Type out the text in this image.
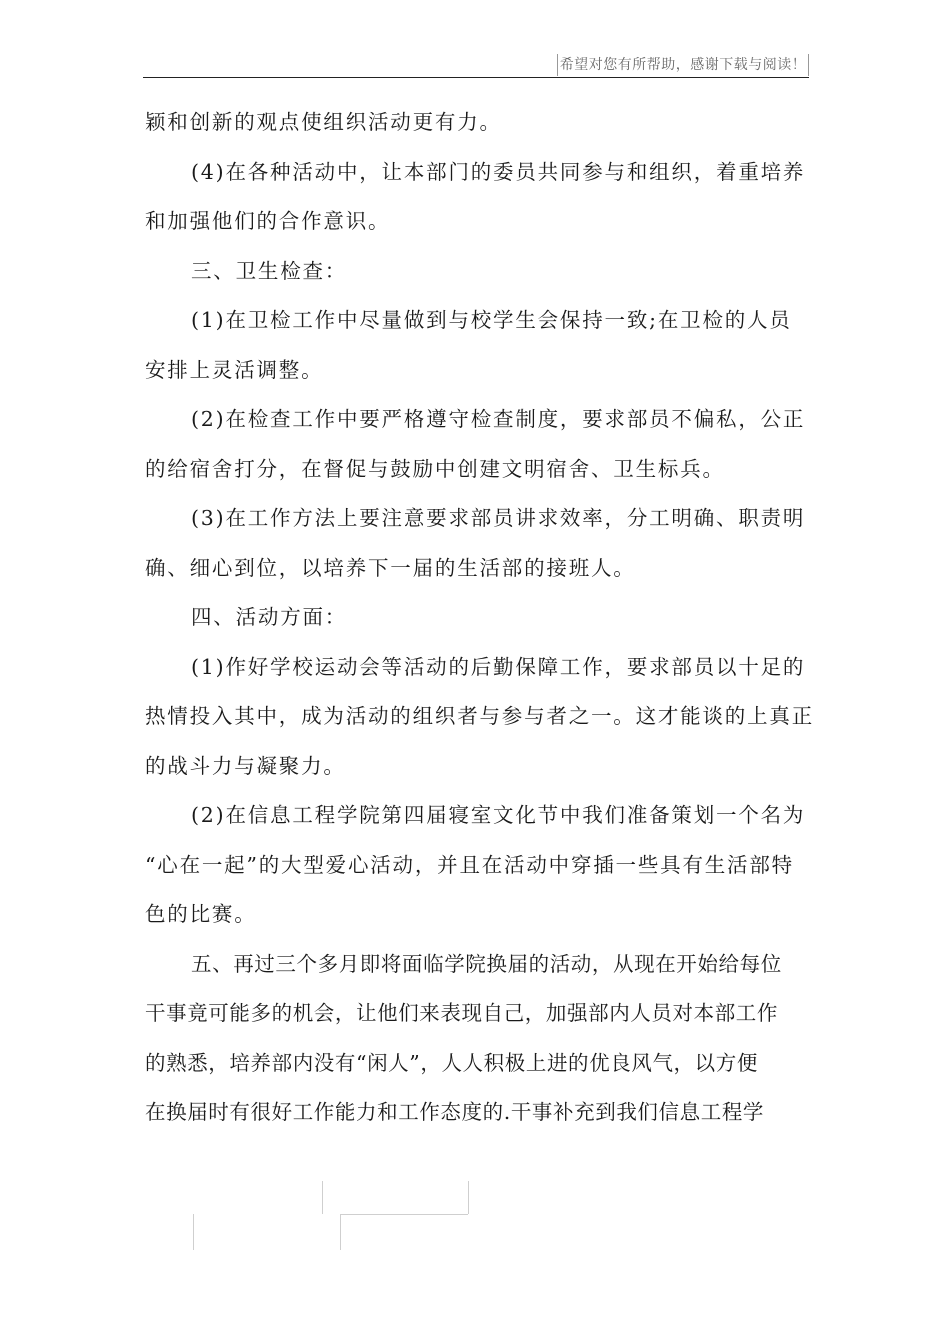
希望对您有所帮助，感谢下载与阅读！

颖和创新的观点使组织活动更有力。

(4)在各种活动中，让本部门的委员共同参与和组织，着重培养
和加强他们的合作意识。

三、卫生检查：

(1)在卫检工作中尽量做到与校学生会保持一致;在卫检的人员
安排上灵活调整。

(2)在检查工作中要严格遵守检查制度，要求部员不偏私，公正
的给宿舍打分，在督促与鼓励中创建文明宿舍、卫生标兵。

(3)在工作方法上要注意要求部员讲求效率，分工明确、职责明
确、细心到位，以培养下一届的生活部的接班人。

四、活动方面：

(1)作好学校运动会等活动的后勤保障工作，要求部员以十足的
热情投入其中，成为活动的组织者与参与者之一。这才能谈的上真正
的战斗力与凝聚力。

(2)在信息工程学院第四届寝室文化节中我们准备策划一个名为
“心在一起”的大型爱心活动，并且在活动中穿插一些具有生活部特
色的比赛。

五、再过三个多月即将面临学院换届的活动，从现在开始给每位
干事竟可能多的机会，让他们来表现自己，加强部内人员对本部工作
的熟悉，培养部内没有“闲人”，人人积极上进的优良风气，以方便
在换届时有很好工作能力和工作态度的.干事补充到我们信息工程学
